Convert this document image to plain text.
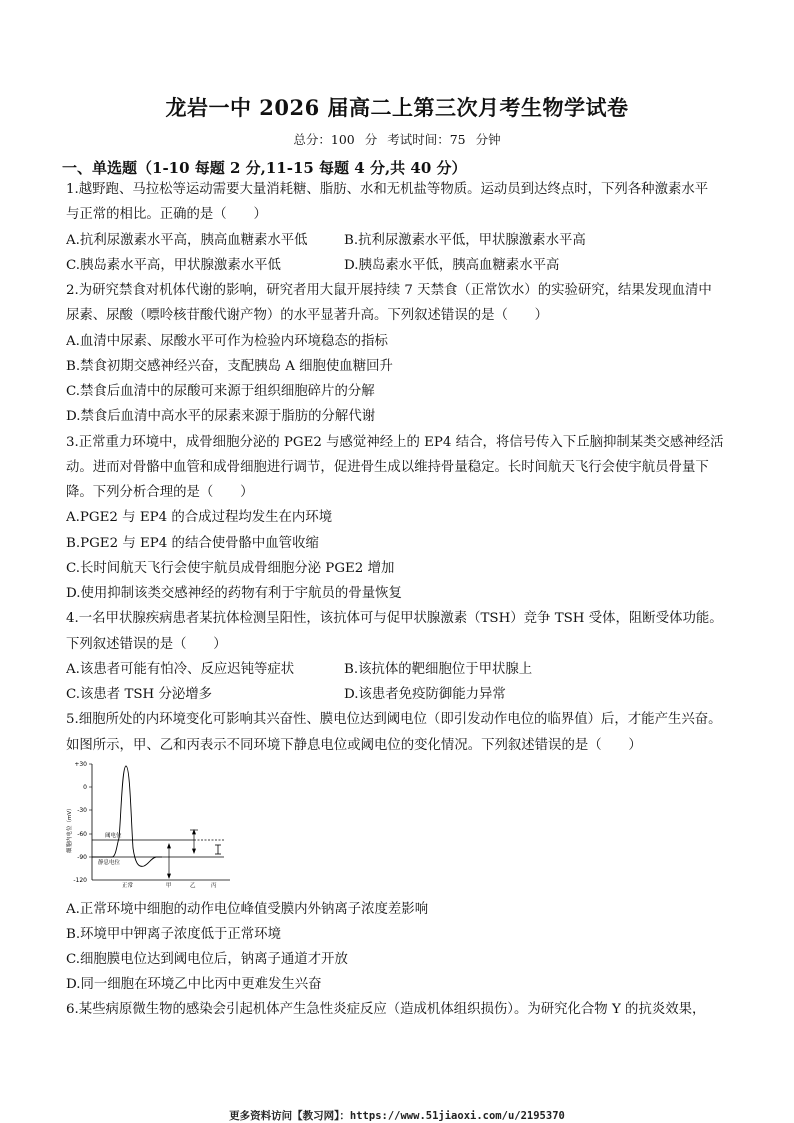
龙岩一中 2026 届高二上第三次月考生物学试卷
总分：100 分 考试时间：75 分钟
一、单选题（1-10 每题 2 分,11-15 每题 4 分,共 40 分）
1.越野跑、马拉松等运动需要大量消耗糖、脂肪、水和无机盐等物质。运动员到达终点时，下列各种激素水平
与正常的相比。正确的是（　　）
A.抗利尿激素水平高，胰高血糖素水平低	B.抗利尿激素水平低，甲状腺激素水平高
C.胰岛素水平高，甲状腺激素水平低	D.胰岛素水平低，胰高血糖素水平高
2.为研究禁食对机体代谢的影响，研究者用大鼠开展持续 7 天禁食（正常饮水）的实验研究，结果发现血清中
尿素、尿酸（嘌呤核苷酸代谢产物）的水平显著升高。下列叙述错误的是（　　）
A.血清中尿素、尿酸水平可作为检验内环境稳态的指标
B.禁食初期交感神经兴奋，支配胰岛 A 细胞使血糖回升
C.禁食后血清中的尿酸可来源于组织细胞碎片的分解
D.禁食后血清中高水平的尿素来源于脂肪的分解代谢
3.正常重力环境中，成骨细胞分泌的 PGE2 与感觉神经上的 EP4 结合，将信号传入下丘脑抑制某类交感神经活
动。进而对骨骼中血管和成骨细胞进行调节，促进骨生成以维持骨量稳定。长时间航天飞行会使宇航员骨量下
降。下列分析合理的是（　　）
A.PGE2 与 EP4 的合成过程均发生在内环境
B.PGE2 与 EP4 的结合使骨骼中血管收缩
C.长时间航天飞行会使宇航员成骨细胞分泌 PGE2 增加
D.使用抑制该类交感神经的药物有利于宇航员的骨量恢复
4.一名甲状腺疾病患者某抗体检测呈阳性，该抗体可与促甲状腺激素（TSH）竞争 TSH 受体，阻断受体功能。
下列叙述错误的是（　　）
A.该患者可能有怕冷、反应迟钝等症状	B.该抗体的靶细胞位于甲状腺上
C.该患者 TSH 分泌增多	D.该患者免疫防御能力异常
5.细胞所处的内环境变化可影响其兴奋性、膜电位达到阈电位（即引发动作电位的临界值）后，才能产生兴奋。
如图所示，甲、乙和丙表示不同环境下静息电位或阈电位的变化情况。下列叙述错误的是（　　）
+30
0
-30
-60
-90
-120
细胞内电位（mV）	阈电位
静息电位
正常	甲	乙	丙
A.正常环境中细胞的动作电位峰值受膜内外钠离子浓度差影响
B.环境甲中钾离子浓度低于正常环境
C.细胞膜电位达到阈电位后，钠离子通道才开放
D.同一细胞在环境乙中比丙中更难发生兴奋
6.某些病原微生物的感染会引起机体产生急性炎症反应（造成机体组织损伤）。为研究化合物 Y 的抗炎效果，
更多资料访问【教习网】：https://www.51jiaoxi.com/u/2195370
